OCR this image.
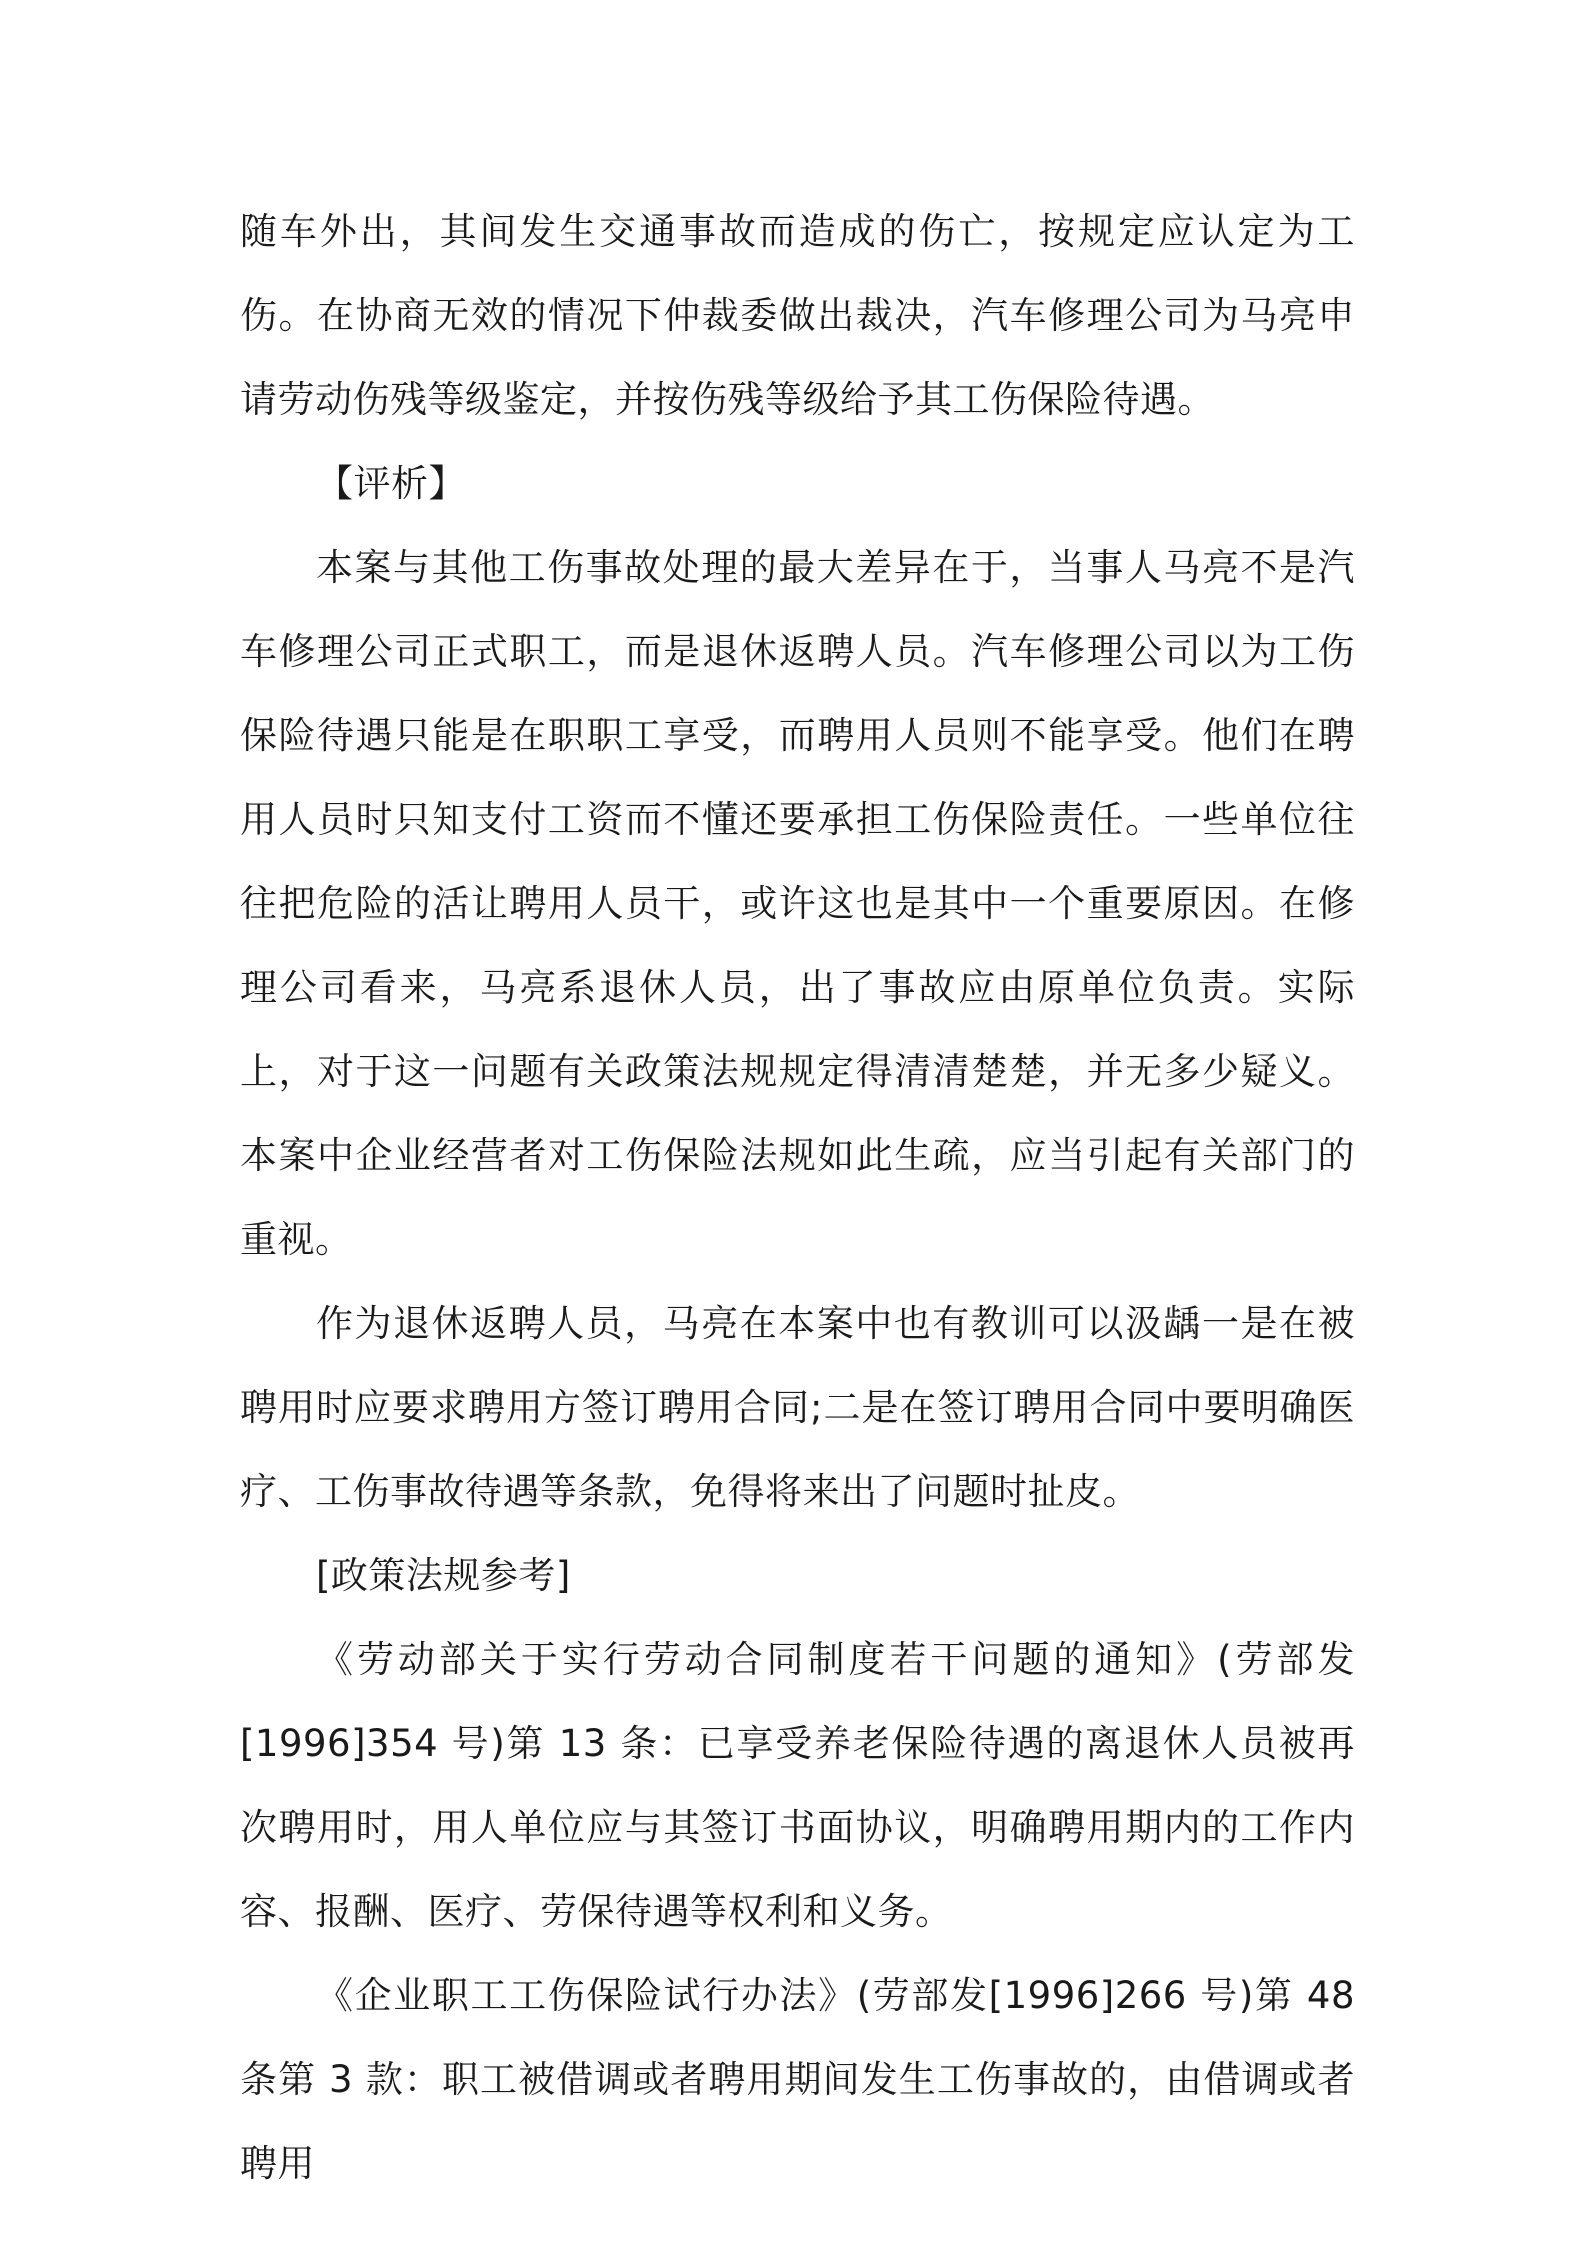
随车外出，其间发生交通事故而造成的伤亡，按规定应认定为工伤。在协商无效的情况下仲裁委做出裁决，汽车修理公司为马亮申请劳动伤残等级鉴定，并按伤残等级给予其工伤保险待遇。

【评析】

本案与其他工伤事故处理的最大差异在于，当事人马亮不是汽车修理公司正式职工，而是退休返聘人员。汽车修理公司以为工伤保险待遇只能是在职职工享受，而聘用人员则不能享受。他们在聘用人员时只知支付工资而不懂还要承担工伤保险责任。一些单位往往把危险的活让聘用人员干，或许这也是其中一个重要原因。在修理公司看来，马亮系退休人员，出了事故应由原单位负责。实际上，对于这一问题有关政策法规规定得清清楚楚，并无多少疑义。本案中企业经营者对工伤保险法规如此生疏，应当引起有关部门的重视。

作为退休返聘人员，马亮在本案中也有教训可以汲龋一是在被聘用时应要求聘用方签订聘用合同;二是在签订聘用合同中要明确医疗、工伤事故待遇等条款，免得将来出了问题时扯皮。

[政策法规参考]

《劳动部关于实行劳动合同制度若干问题的通知》(劳部发[1996]354 号)第 13 条：已享受养老保险待遇的离退休人员被再次聘用时，用人单位应与其签订书面协议，明确聘用期内的工作内容、报酬、医疗、劳保待遇等权利和义务。

《企业职工工伤保险试行办法》(劳部发[1996]266 号)第 48 条第 3 款：职工被借调或者聘用期间发生工伤事故的，由借调或者聘用
